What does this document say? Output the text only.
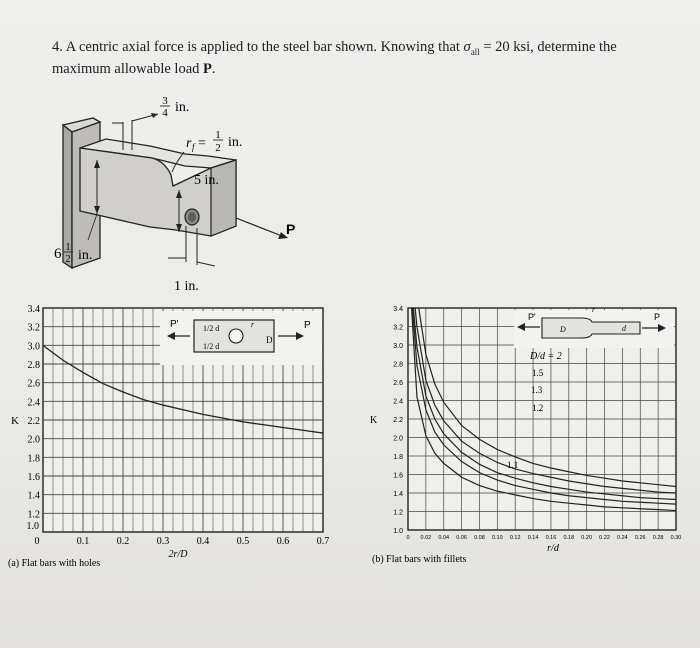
4. A centric axial force is applied to the steel bar shown. Knowing that $\sigma_{all} = 20$ ksi, determine the
maximum allowable load P.
3
4 in.
r f =
1
2 in.
5 in.
P
6 1
2 in.
1 in.
1.2
1.4
1.6
1.8
2.0
2.2
2.4
2.6
2.8
3.0
3.2
3.4
1.0
0	0.1	0.2	0.3	0.4	0.5	0.6	0.7
K
2r/D
(a) Flat bars with holes
P'	P
1/2 d
1/2 d
r
D
1.0
1.2
1.4
1.6
1.8
2.0
2.2
2.4
2.6
2.8
3.0
3.2
3.4
0 0.02 0.04 0.06 0.08 0.10 0.12 0.14 0.16 0.18 0.20 0.22 0.24 0.26 0.28 0.30
K
r/d
(b) Flat bars with fillets
D/d = 2
1.5
1.3
1.2
1.1
P'
D
r
d
P
